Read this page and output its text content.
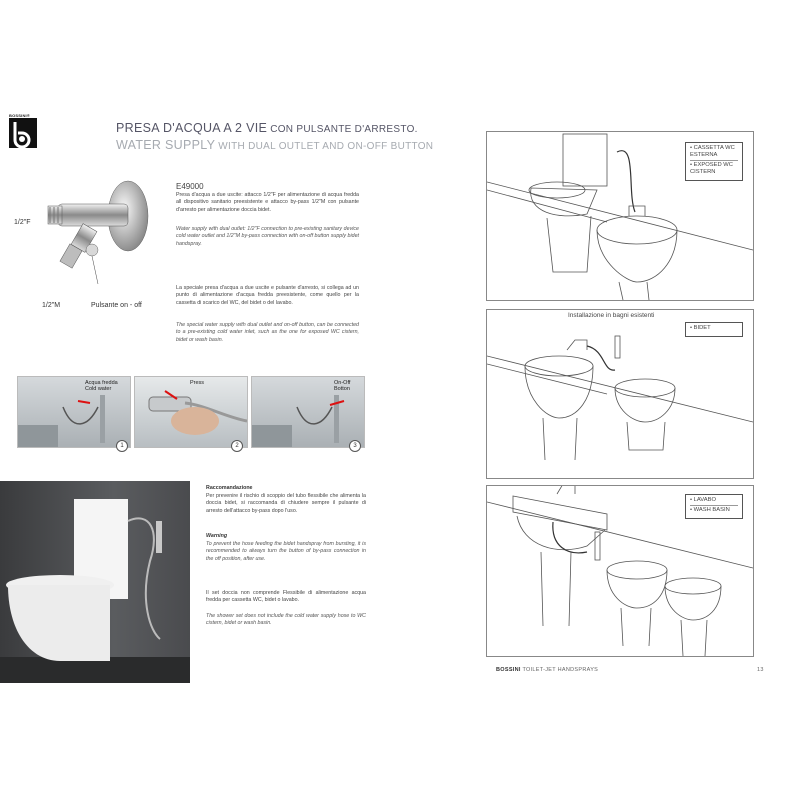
BOSSINI®
PRESA D'ACQUA A 2 VIE CON PULSANTE D'ARRESTO.
WATER SUPPLY WITH DUAL OUTLET AND ON-OFF BUTTON
1/2"F
1/2"M	Pulsante on - off
E49000
Presa d'acqua a due uscite: attacco 1/2"F per alimentazione di acqua fredda all dispositivo sanitario preesistente e attacco by-pass 1/2"M con pulsante d'arresto per alimentazione doccia bidet.
Water supply with dual outlet: 1/2"F connection to pre-existing sanitary device cold water outlet and 1/2"M by-pass connection with on-off button supply bidet handspray.
La speciale presa d'acqua a due uscite e pulsante d'arresto, si collega ad un punto di alimentazione d'acqua fredda preesistente, come quello per la cassetta di scarico del WC, del bidet o del lavabo.
The special water supply with dual outlet and on-off button, can be connected to a pre-existing cold water inlet, such as the one for exposed WC cistern, bidet or wash basin.
Acqua fredda
Cold water
1
Press
2
On-Off
Botton
3
Raccomandazione
Per prevenire il rischio di scoppio del tubo flessibile che alimenta la doccia bidet, si raccomanda di chiudere sempre il pulsante di arresto dell'attacco by-pass dopo l'uso.
Warning
To prevent the hose feeding the bidet handspray from bursting, it is recommended to always turn the button of by-pass connection in the off position, after use.
Il set doccia non comprende Flessibile di alimentazione acqua fredda per cassetta WC, bidet o lavabo.
The shower set does not include the cold water supply hose to WC cistern, bidet or wash basin.
• CASSETTA WC ESTERNA
• EXPOSED WC CISTERN
Installazione in bagni esistenti
• BIDET
• LAVABO
• WASH BASIN
BOSSINI TOILET-JET HANDSPRAYS	13
